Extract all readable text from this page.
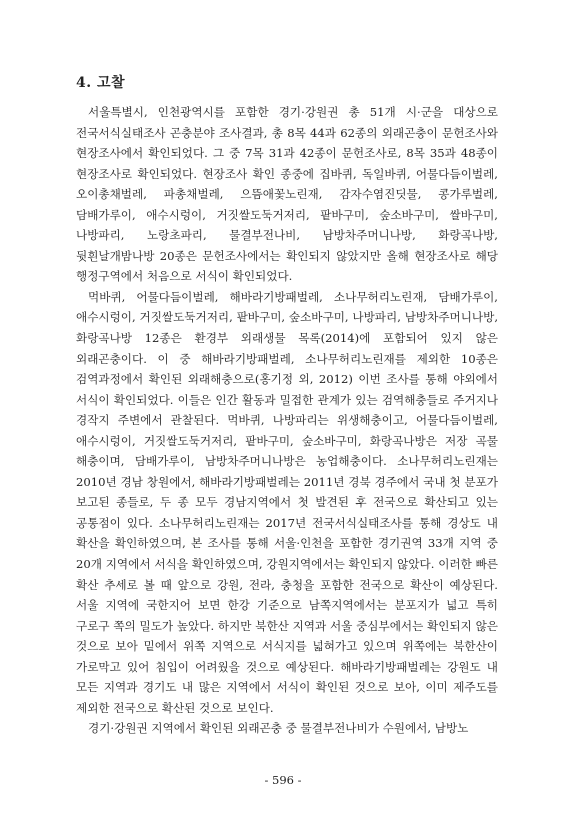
4. 고찰

서울특별시, 인천광역시를 포함한 경기·강원권 총 51개 시·군을 대상으로 전국서식실태조사 곤충분야 조사결과, 총 8목 44과 62종의 외래곤충이 문헌조사와 현장조사에서 확인되었다. 그 중 7목 31과 42종이 문헌조사로, 8목 35과 48종이 현장조사로 확인되었다. 현장조사 확인 종중에 집바퀴, 독일바퀴, 어물다듬이벌레, 오이총채벌레, 파총채벌레, 으뜸애꽃노린재, 감자수염진딧물, 콩가루벌레, 담배가루이, 애수시렁이, 거짓쌀도둑거저리, 팥바구미, 숲소바구미, 쌀바구미, 나방파리, 노랑초파리, 물결부전나비, 남방차주머니나방, 화랑곡나방, 뒷흰날개밤나방 20종은 문헌조사에서는 확인되지 않았지만 올해 현장조사로 해당 행정구역에서 처음으로 서식이 확인되었다.

먹바퀴, 어물다듬이벌레, 해바라기방패벌레, 소나무허리노린재, 담배가루이, 애수시렁이, 거짓쌀도둑거저리, 팥바구미, 숲소바구미, 나방파리, 남방차주머니나방, 화랑곡나방 12종은 환경부 외래생물 목록(2014)에 포함되어 있지 않은 외래곤충이다. 이 중 해바라기방패벌레, 소나무허리노린재를 제외한 10종은 검역과정에서 확인된 외래해충으로(홍기정 외, 2012) 이번 조사를 통해 야외에서 서식이 확인되었다. 이들은 인간 활동과 밀접한 관계가 있는 검역해충들로 주거지나 경작지 주변에서 관찰된다. 먹바퀴, 나방파리는 위생해충이고, 어물다듬이벌레, 애수시렁이, 거짓쌀도둑거저리, 팥바구미, 숲소바구미, 화랑곡나방은 저장 곡물 해충이며, 담배가루이, 남방차주머니나방은 농업해충이다. 소나무허리노린재는 2010년 경남 창원에서, 해바라기방패벌레는 2011년 경북 경주에서 국내 첫 분포가 보고된 종들로, 두 종 모두 경남지역에서 첫 발견된 후 전국으로 확산되고 있는 공통점이 있다. 소나무허리노린재는 2017년 전국서식실태조사를 통해 경상도 내 확산을 확인하였으며, 본 조사를 통해 서울·인천을 포함한 경기권역 33개 지역 중 20개 지역에서 서식을 확인하였으며, 강원지역에서는 확인되지 않았다. 이러한 빠른 확산 추세로 볼 때 앞으로 강원, 전라, 충청을 포함한 전국으로 확산이 예상된다. 서울 지역에 국한지어 보면 한강 기준으로 남쪽지역에서는 분포지가 넓고 특히 구로구 쪽의 밀도가 높았다. 하지만 북한산 지역과 서울 중심부에서는 확인되지 않은 것으로 보아 밑에서 위쪽 지역으로 서식지를 넓혀가고 있으며 위쪽에는 북한산이 가로막고 있어 침입이 어려웠을 것으로 예상된다. 해바라기방패벌레는 강원도 내 모든 지역과 경기도 내 많은 지역에서 서식이 확인된 것으로 보아, 이미 제주도를 제외한 전국으로 확산된 것으로 보인다.

경기·강원권 지역에서 확인된 외래곤충 중 물결부전나비가 수원에서, 남방노

- 596 -
